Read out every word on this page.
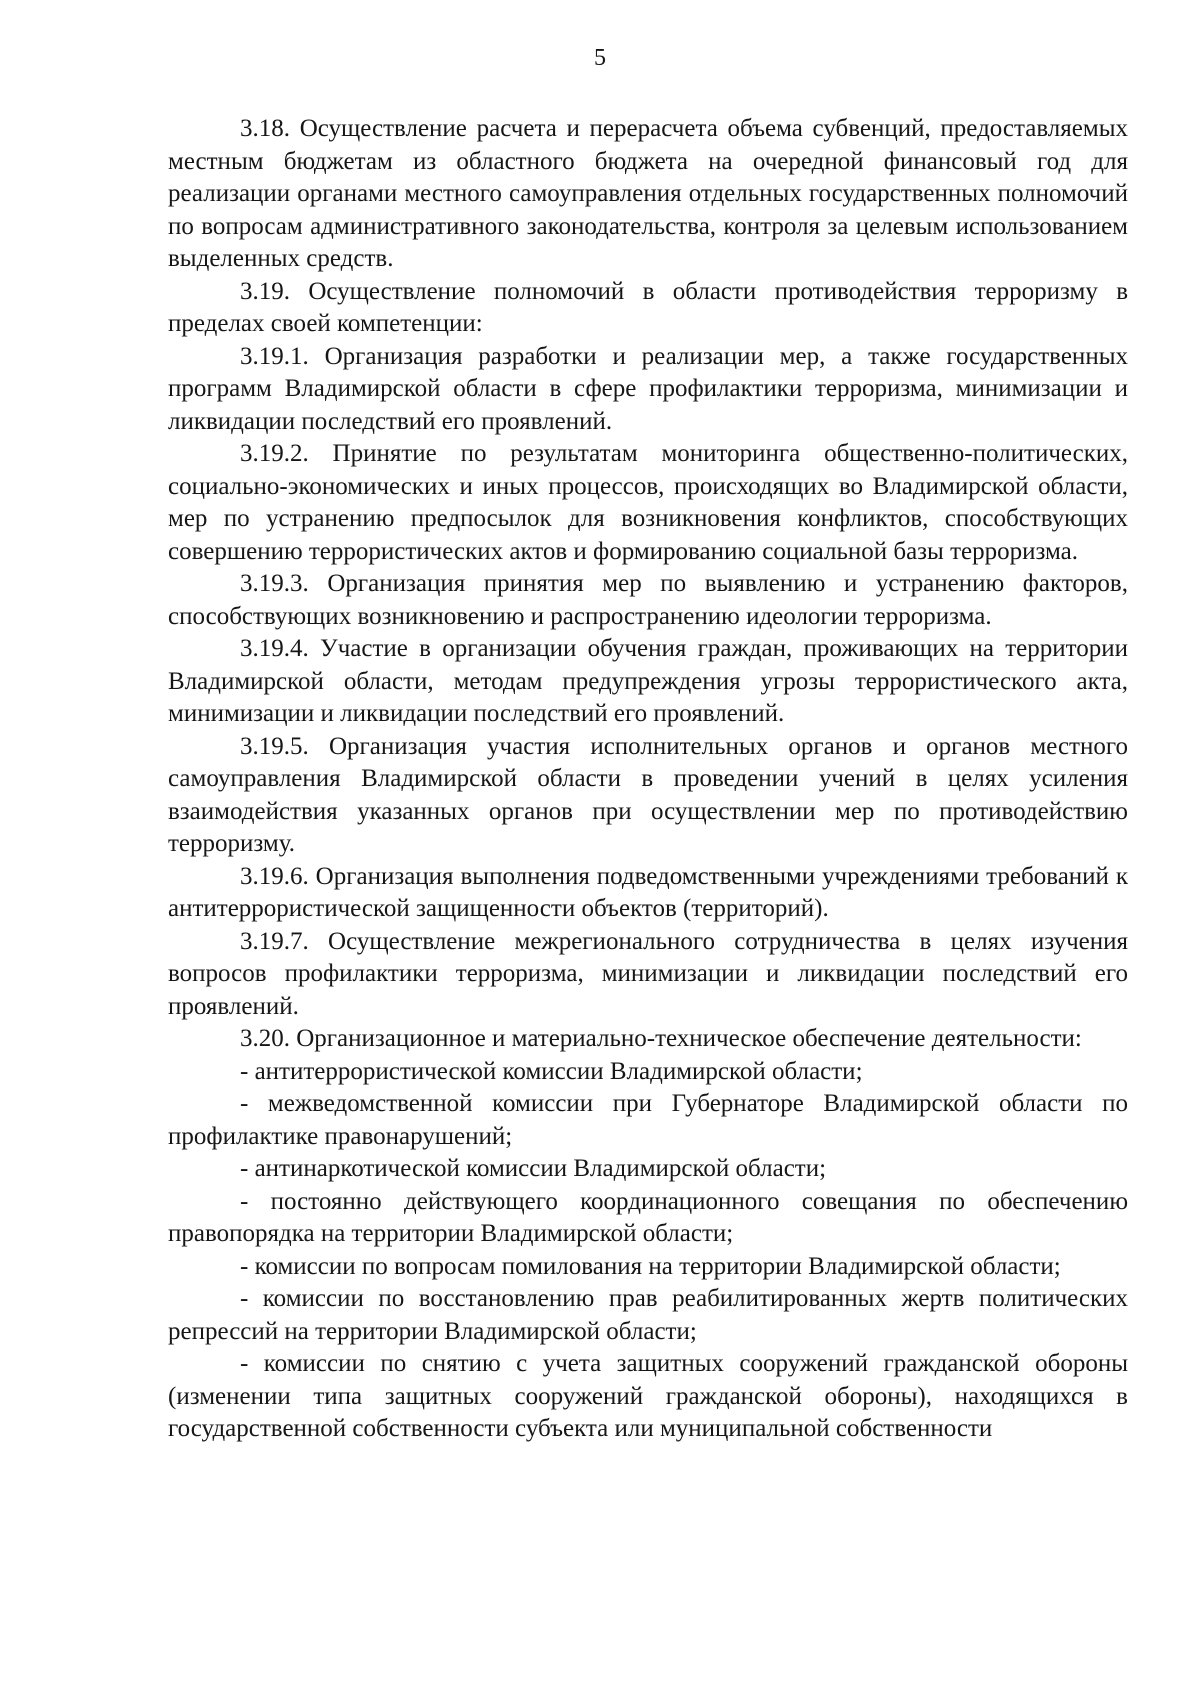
5

3.18. Осуществление расчета и перерасчета объема субвенций, предоставляемых местным бюджетам из областного бюджета на очередной финансовый год для реализации органами местного самоуправления отдельных государственных полномочий по вопросам административного законодательства, контроля за целевым использованием выделенных средств.

3.19. Осуществление полномочий в области противодействия терроризму в пределах своей компетенции:

3.19.1. Организация разработки и реализации мер, а также государственных программ Владимирской области в сфере профилактики терроризма, минимизации и ликвидации последствий его проявлений.

3.19.2. Принятие по результатам мониторинга общественно-политических, социально-экономических и иных процессов, происходящих во Владимирской области, мер по устранению предпосылок для возникновения конфликтов, способствующих совершению террористических актов и формированию социальной базы терроризма.

3.19.3. Организация принятия мер по выявлению и устранению факторов, способствующих возникновению и распространению идеологии терроризма.

3.19.4. Участие в организации обучения граждан, проживающих на территории Владимирской области, методам предупреждения угрозы террористического акта, минимизации и ликвидации последствий его проявлений.

3.19.5. Организация участия исполнительных органов и органов местного самоуправления Владимирской области в проведении учений в целях усиления взаимодействия указанных органов при осуществлении мер по противодействию терроризму.

3.19.6. Организация выполнения подведомственными учреждениями требований к антитеррористической защищенности объектов (территорий).

3.19.7. Осуществление межрегионального сотрудничества в целях изучения вопросов профилактики терроризма, минимизации и ликвидации последствий его проявлений.

3.20. Организационное и материально-техническое обеспечение деятельности:

- антитеррористической комиссии Владимирской области;

- межведомственной комиссии при Губернаторе Владимирской области по профилактике правонарушений;

- антинаркотической комиссии Владимирской области;

- постоянно действующего координационного совещания по обеспечению правопорядка на территории Владимирской области;

- комиссии по вопросам помилования на территории Владимирской области;

- комиссии по восстановлению прав реабилитированных жертв политических репрессий на территории Владимирской области;

- комиссии по снятию с учета защитных сооружений гражданской обороны (изменении типа защитных сооружений гражданской обороны), находящихся в государственной собственности субъекта или муниципальной собственности
